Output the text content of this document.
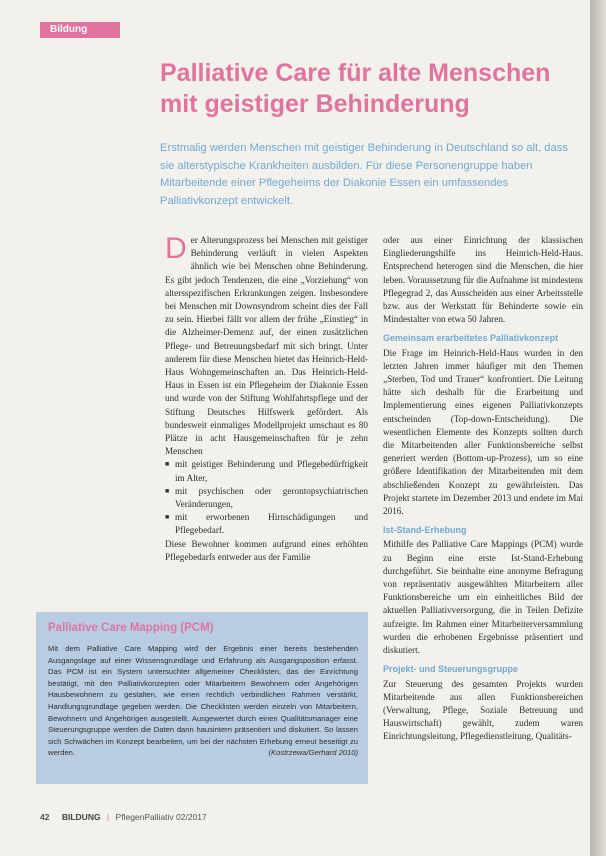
Bildung
Palliative Care für alte Menschen mit geistiger Behinderung

Erstmalig werden Menschen mit geistiger Behinderung in Deutschland so alt, dass sie alterstypische Krankheiten ausbilden. Für diese Personengruppe haben Mitarbeitende einer Pflegeheims der Diakonie Essen ein umfassendes Palliativkonzept entwickelt.

Der Alterungsprozess bei Menschen mit geistiger Behinderung verläuft in vielen Aspekten ähnlich wie bei Menschen ohne Behinderung. Es gibt jedoch Tendenzen, die eine „Vorziehung“ von altersspezifischen Erkrankungen zeigen. Insbesondere bei Menschen mit Downsyndrom scheint dies der Fall zu sein. Hierbei fällt vor allem der frühe „Einstieg“ in die Alzheimer-Demenz auf, der einen zusätzlichen Pflege- und Betreuungsbedarf mit sich bringt. Unter anderem für diese Menschen bietet das Heinrich-Held-Haus Wohngemeinschaften an. Das Heinrich-Held-Haus in Essen ist ein Pflegeheim der Diakonie Essen und wurde von der Stiftung Wohlfahrtspflege und der Stiftung Deutsches Hilfswerk gefördert. Als bundesweit einmaliges Modellprojekt umschaut es 80 Plätze in acht Hausgemeinschaften für je zehn Menschen

■ mit geistiger Behinderung und Pflegebedürftigkeit im Alter,
■ mit psychischen oder gerontopsychiatrischen Veränderungen,
■ mit erworbenen Hirnschädigungen und Pflegebedarf.

Diese Bewohner kommen aufgrund eines erhöhten Pflegebedarfs entweder aus der Familie

oder aus einer Einrichtung der klassischen Eingliederungshilfe ins Heinrich-Held-Haus. Entsprechend heterogen sind die Menschen, die hier leben. Voraussetzung für die Aufnahme ist mindestens Pflegegrad 2, das Ausscheiden aus einer Arbeitsstelle bzw. aus der Werkstatt für Behinderte sowie ein Mindestalter von etwa 50 Jahren.

Gemeinsam erarbeitetes Palliativkonzept

Die Frage im Heinrich-Held-Haus wurden in den letzten Jahren immer häufiger mit den Themen „Sterben, Tod und Trauer“ konfrontiert. Die Leitung hätte sich deshalb für die Erarbeitung und Implementierung eines eigenen Palliativkonzepts entscheinden (Top-down-Entscheidung). Die wesentlichen Elemente des Konzepts sollten durch die Mitarbeitenden aller Funktionsbereiche selbst generiert werden (Bottom-up-Prozess), um so eine größere Identifikation der Mitarbeitenden mit dem abschließenden Konzept zu gewährleisten. Das Projekt startete im Dezember 2013 und endete im Mai 2016.

Ist-Stand-Erhebung

Mithilfe des Palliative Care Mappings (PCM) wurde zu Beginn eine erste Ist-Stand-Erhebung durchgeführt. Sie beinhalte eine anonyme Befragung von repräsentativ ausgewählten Mitarbeitern aller Funktionsbereiche um ein einheitliches Bild der aktuellen Palliativversorgung, die in Teilen Defizite aufzeigte. Im Rahmen einer Mitarbeiterversammlung wurden die erhobenen Ergebnisse präsentiert und diskutiert.

Projekt- und Steuerungsgruppe

Zur Steuerung des gesamten Projekts wurden Mitarbeitende aus allen Funktionsbereichen (Verwaltung, Pflege, Soziale Betreuung und Hauswirtschaft) gewählt, zudem waren Einrichtungsleitung, Pflegedienstleitung, Qualitäts-

Palliative Care Mapping (PCM)

Mit dem Palliative Care Mapping wird der Ergebnis einer bereits bestehenden Ausgangslage auf einer Wissensgrundlage und Erfahrung als Ausgangsposition erfasst. Das PCM ist ein System untersuchter allgemeiner Checklisten, das der Einrichtung bestätigt, mit den Palliativkonzepten oder Mitarbeitern Bewohnern oder Angehörigen Hausbewohnern zu gestalten, wie einen rechtlich verbindlichen Rahmen verstärkt, Handlungsgrundlage gegeben werden. Die Checklisten werden einzeln von Mitarbeitern, Bewohnern und Angehörigen ausgestellt. Ausgewertet durch einen Qualitätsmanager eine Steuerungsgruppe werden die Daten dann hausintern präsentiert und diskutiert. So lassen sich Schwächen im Konzept bearbeiten, um bei der nächsten Erhebung erneut beseitigt zu werden.	(Kostrzewa/Gerhard 2010)

42 BILDUNG | PflegenPalliativ 02/2017
